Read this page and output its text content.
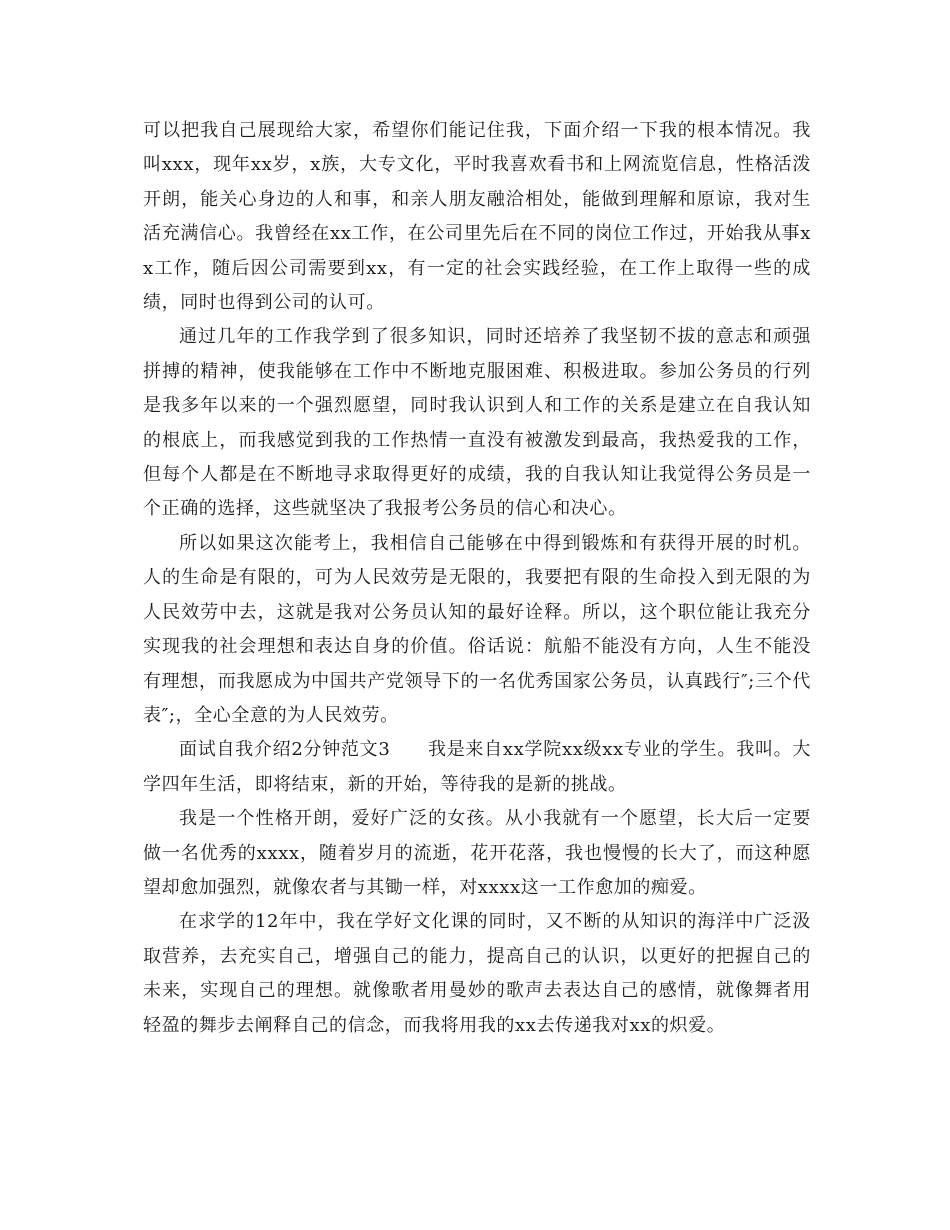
可以把我自己展现给大家，希望你们能记住我，下面介绍一下我的根本情况。我叫xxx，现年xx岁，x族，大专文化，平时我喜欢看书和上网流览信息，性格活泼开朗，能关心身边的人和事，和亲人朋友融洽相处，能做到理解和原谅，我对生活充满信心。我曾经在xx工作，在公司里先后在不同的岗位工作过，开始我从事xx工作，随后因公司需要到xx，有一定的社会实践经验，在工作上取得一些的成绩，同时也得到公司的认可。

通过几年的工作我学到了很多知识，同时还培养了我坚韧不拔的意志和顽强拼搏的精神，使我能够在工作中不断地克服困难、积极进取。参加公务员的行列是我多年以来的一个强烈愿望，同时我认识到人和工作的关系是建立在自我认知的根底上，而我感觉到我的工作热情一直没有被激发到最高，我热爱我的工作，但每个人都是在不断地寻求取得更好的成绩，我的自我认知让我觉得公务员是一个正确的选择，这些就坚决了我报考公务员的信心和决心。

所以如果这次能考上，我相信自己能够在中得到锻炼和有获得开展的时机。人的生命是有限的，可为人民效劳是无限的，我要把有限的生命投入到无限的为人民效劳中去，这就是我对公务员认知的最好诠释。所以，这个职位能让我充分实现我的社会理想和表达自身的价值。俗话说：航船不能没有方向，人生不能没有理想，而我愿成为中国共产党领导下的一名优秀国家公务员，认真践行″;三个代表″;，全心全意的为人民效劳。

面试自我介绍2分钟范文3　　我是来自xx学院xx级xx专业的学生。我叫。大学四年生活，即将结束，新的开始，等待我的是新的挑战。

我是一个性格开朗，爱好广泛的女孩。从小我就有一个愿望，长大后一定要做一名优秀的xxxx，随着岁月的流逝，花开花落，我也慢慢的长大了，而这种愿望却愈加强烈，就像农者与其锄一样，对xxxx这一工作愈加的痴爱。

在求学的12年中，我在学好文化课的同时，又不断的从知识的海洋中广泛汲取营养，去充实自己，增强自己的能力，提高自己的认识，以更好的把握自己的未来，实现自己的理想。就像歌者用曼妙的歌声去表达自己的感情，就像舞者用轻盈的舞步去阐释自己的信念，而我将用我的xx去传递我对xx的炽爱。
